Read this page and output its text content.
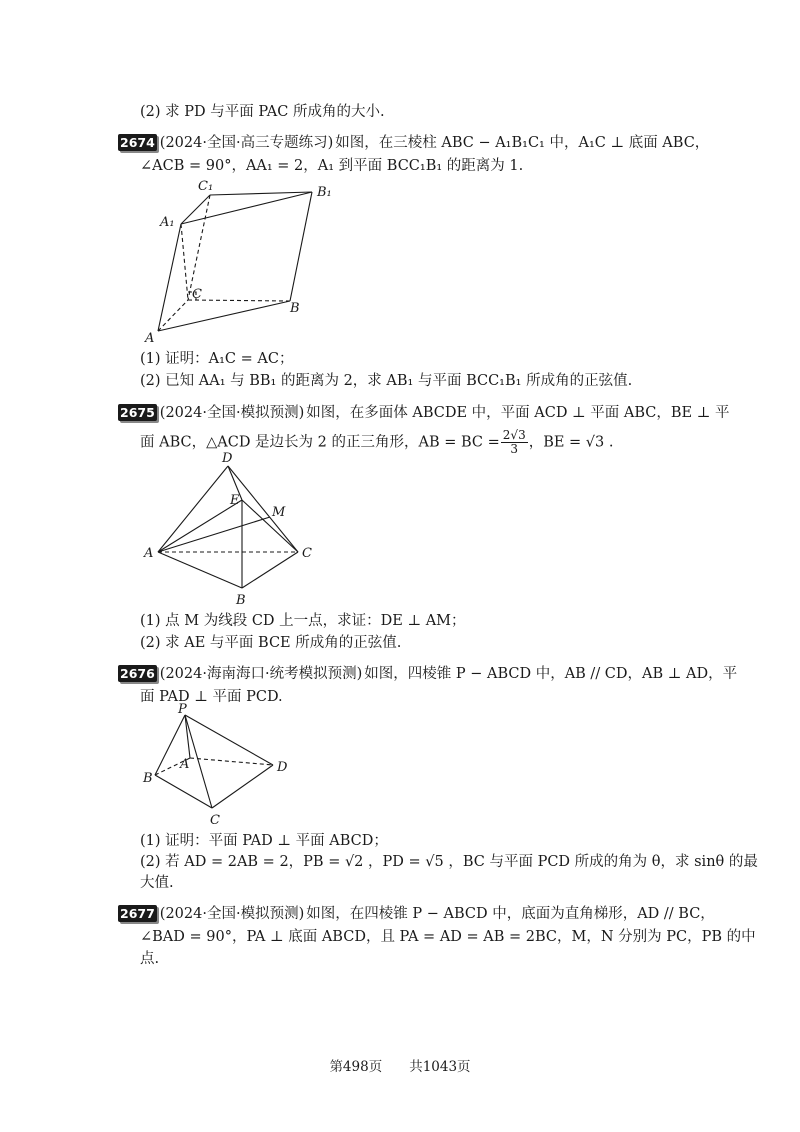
(2) 求 PD 与平面 PAC 所成角的大小.
2674 (2024·全国·高三专题练习) 如图，在三棱柱 ABC − A₁B₁C₁ 中，A₁C ⊥ 底面 ABC，
∠ACB = 90°，AA₁ = 2，A₁ 到平面 BCC₁B₁ 的距离为 1.
C₁	B₁
A₁
C
B
A
(1) 证明：A₁C = AC；
(2) 已知 AA₁ 与 BB₁ 的距离为 2，求 AB₁ 与平面 BCC₁B₁ 所成角的正弦值.
2675 (2024·全国·模拟预测) 如图，在多面体 ABCDE 中，平面 ACD ⊥ 平面 ABC，BE ⊥ 平
面 ABC，△ACD 是边长为 2 的正三角形，AB = BC = $\frac{2√3}{3}$ ，BE = √3 .
D
E
M
A	C
B
(1) 点 M 为线段 CD 上一点，求证：DE ⊥ AM；
(2) 求 AE 与平面 BCE 所成角的正弦值.
2676 (2024·海南海口·统考模拟预测) 如图，四棱锥 P − ABCD 中，AB // CD，AB ⊥ AD，平
面 PAD ⊥ 平面 PCD.
P
A
B
D
C
(1) 证明：平面 PAD ⊥ 平面 ABCD；
(2) 若 AD = 2AB = 2，PB = √2 ，PD = √5 ，BC 与平面 PCD 所成的角为 θ，求 sinθ 的最
大值.
2677 (2024·全国·模拟预测) 如图，在四棱锥 P − ABCD 中，底面为直角梯形，AD // BC，
∠BAD = 90°，PA ⊥ 底面 ABCD，且 PA = AD = AB = 2BC，M，N 分别为 PC，PB 的中
点.
第498页　　共1043页
